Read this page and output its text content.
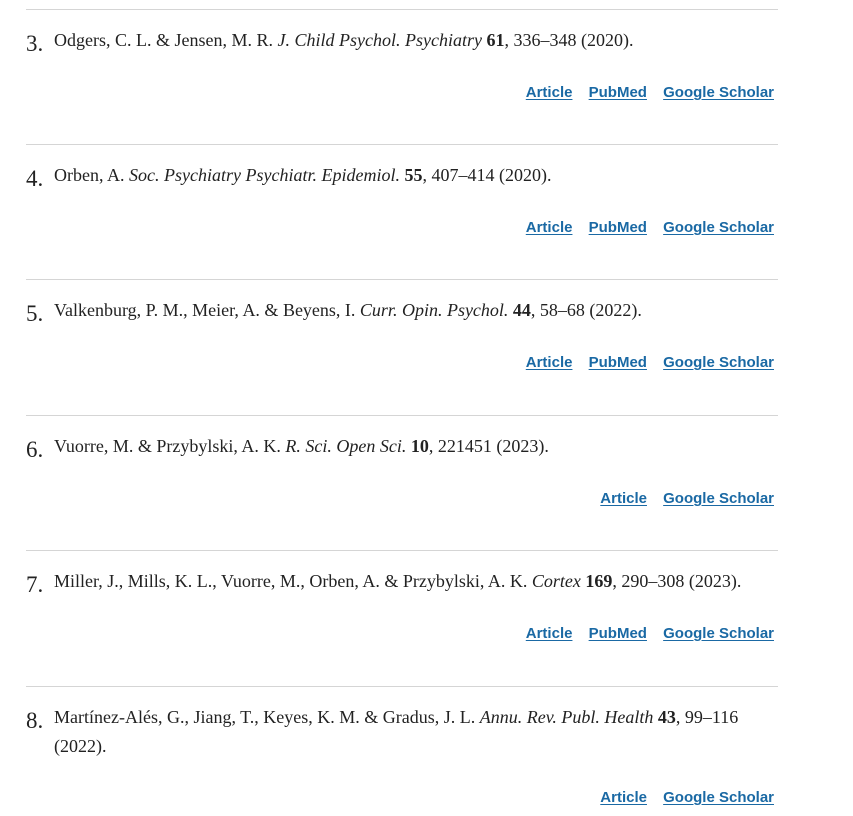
3. Odgers, C. L. & Jensen, M. R. J. Child Psychol. Psychiatry 61, 336–348 (2020).
Article PubMed Google Scholar
4. Orben, A. Soc. Psychiatry Psychiatr. Epidemiol. 55, 407–414 (2020).
Article PubMed Google Scholar
5. Valkenburg, P. M., Meier, A. & Beyens, I. Curr. Opin. Psychol. 44, 58–68 (2022).
Article PubMed Google Scholar
6. Vuorre, M. & Przybylski, A. K. R. Sci. Open Sci. 10, 221451 (2023).
Article Google Scholar
7. Miller, J., Mills, K. L., Vuorre, M., Orben, A. & Przybylski, A. K. Cortex 169, 290–308 (2023).
Article PubMed Google Scholar
8. Martínez-Alés, G., Jiang, T., Keyes, K. M. & Gradus, J. L. Annu. Rev. Publ. Health 43, 99–116 (2022).
Article Google Scholar
